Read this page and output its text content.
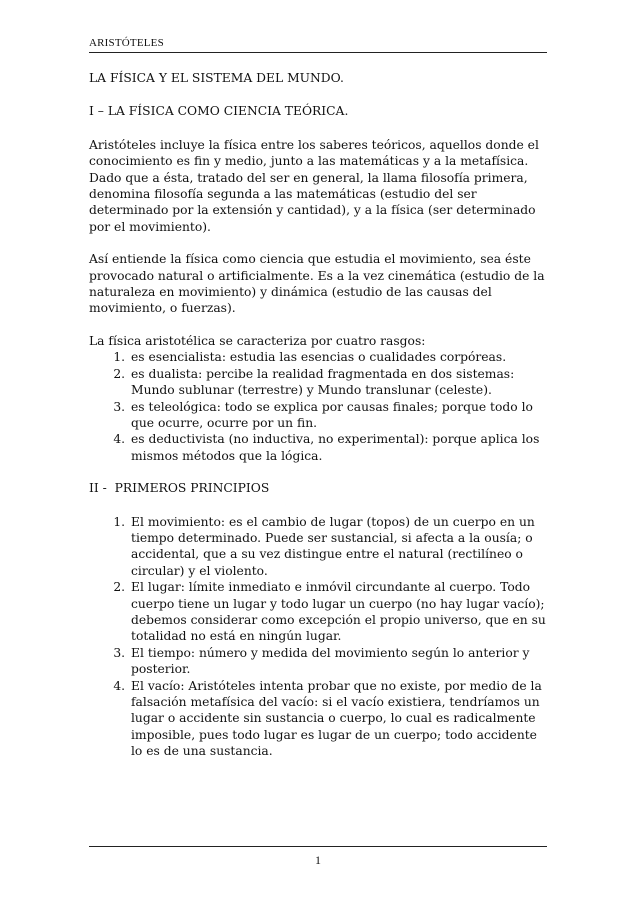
ARISTÓTELES

LA FÍSICA Y EL SISTEMA DEL MUNDO.

I – LA FÍSICA COMO CIENCIA TEÓRICA.

Aristóteles incluye la física entre los saberes teóricos, aquellos donde el conocimiento es fin y medio, junto a las matemáticas y a la metafísica. Dado que a ésta, tratado del ser en general, la llama filosofía primera, denomina filosofía segunda a las matemáticas (estudio del ser determinado por la extensión y cantidad), y a la física (ser determinado por el movimiento).

Así entiende la física como ciencia que estudia el movimiento, sea éste provocado natural o artificialmente. Es a la vez cinemática (estudio de la naturaleza en movimiento) y dinámica (estudio de las causas del movimiento, o fuerzas).

La física aristotélica se caracteriza por cuatro rasgos:

1. es esencialista: estudia las esencias o cualidades corpóreas.
2. es dualista: percibe la realidad fragmentada en dos sistemas: Mundo sublunar (terrestre) y Mundo translunar (celeste).
3. es teleológica: todo se explica por causas finales; porque todo lo que ocurre, ocurre por un fin.
4. es deductivista (no inductiva, no experimental): porque aplica los mismos métodos que la lógica.

II -  PRIMEROS PRINCIPIOS

1. El movimiento: es el cambio de lugar (topos) de un cuerpo en un tiempo determinado. Puede ser sustancial, si afecta a la ousía; o accidental, que a su vez distingue entre el natural (rectilíneo o circular) y el violento.
2. El lugar: límite inmediato e inmóvil circundante al cuerpo. Todo cuerpo tiene un lugar y todo lugar un cuerpo (no hay lugar vacío); debemos considerar como excepción el propio universo, que en su totalidad no está en ningún lugar.
3. El tiempo: número y medida del movimiento según lo anterior y posterior.
4. El vacío: Aristóteles intenta probar que no existe, por medio de la falsación metafísica del vacío: si el vacío existiera, tendríamos un lugar o accidente sin sustancia o cuerpo, lo cual es radicalmente imposible, pues todo lugar es lugar de un cuerpo; todo accidente lo es de una sustancia.
1
